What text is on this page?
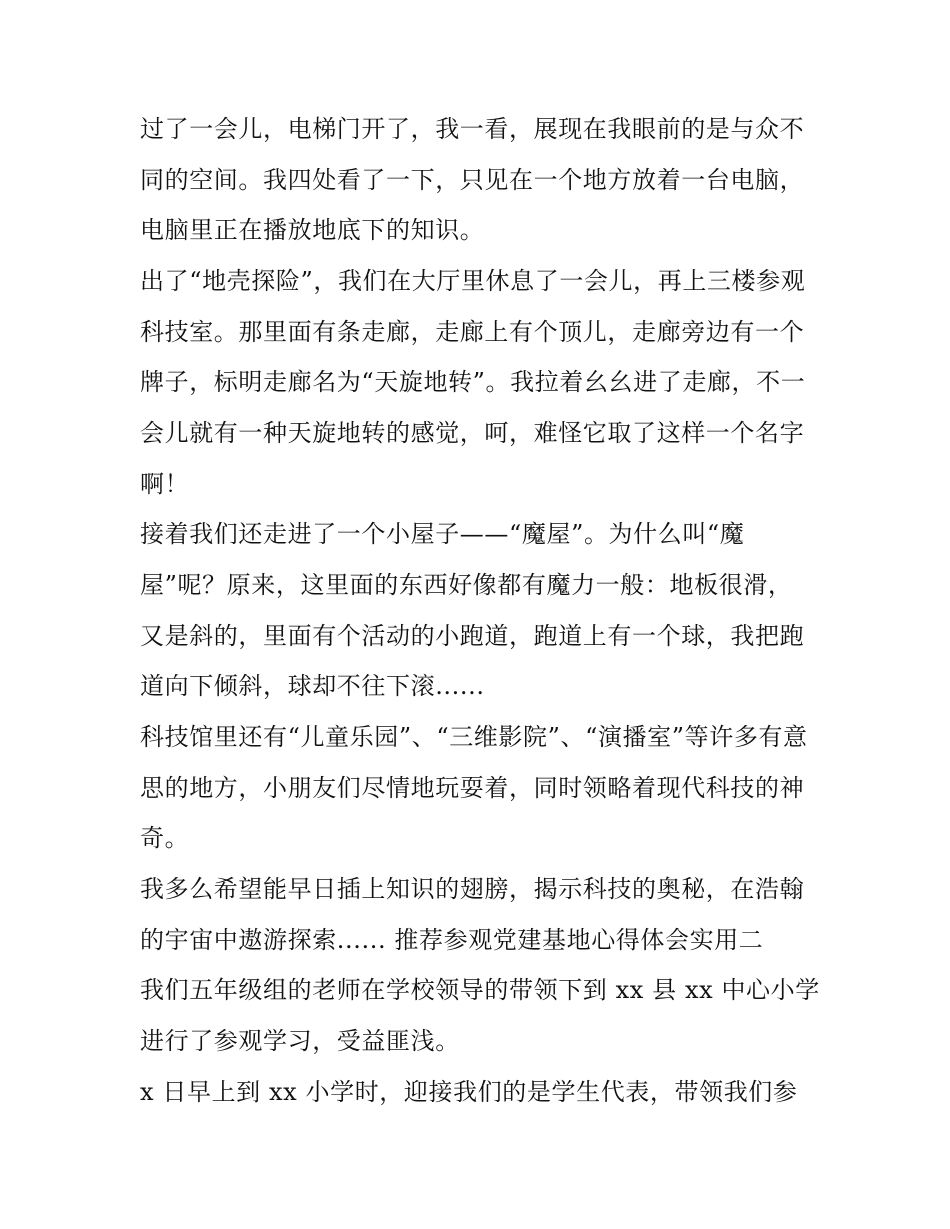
过了一会儿，电梯门开了，我一看，展现在我眼前的是与众不
同的空间。我四处看了一下，只见在一个地方放着一台电脑，
电脑里正在播放地底下的知识。
出了“地壳探险”，我们在大厅里休息了一会儿，再上三楼参观
科技室。那里面有条走廊，走廊上有个顶儿，走廊旁边有一个
牌子，标明走廊名为“天旋地转”。我拉着幺幺进了走廊，不一
会儿就有一种天旋地转的感觉，呵，难怪它取了这样一个名字
啊！
接着我们还走进了一个小屋子——“魔屋”。为什么叫“魔
屋”呢？原来，这里面的东西好像都有魔力一般：地板很滑，
又是斜的，里面有个活动的小跑道，跑道上有一个球，我把跑
道向下倾斜，球却不往下滚......
科技馆里还有“儿童乐园”、“三维影院”、“演播室”等许多有意
思的地方，小朋友们尽情地玩耍着，同时领略着现代科技的神
奇。
我多么希望能早日插上知识的翅膀，揭示科技的奥秘，在浩翰
的宇宙中遨游探索...... 推荐参观党建基地心得体会实用二
我们五年级组的老师在学校领导的带领下到 xx 县 xx 中心小学
进行了参观学习，受益匪浅。
x 日早上到 xx 小学时，迎接我们的是学生代表，带领我们参
